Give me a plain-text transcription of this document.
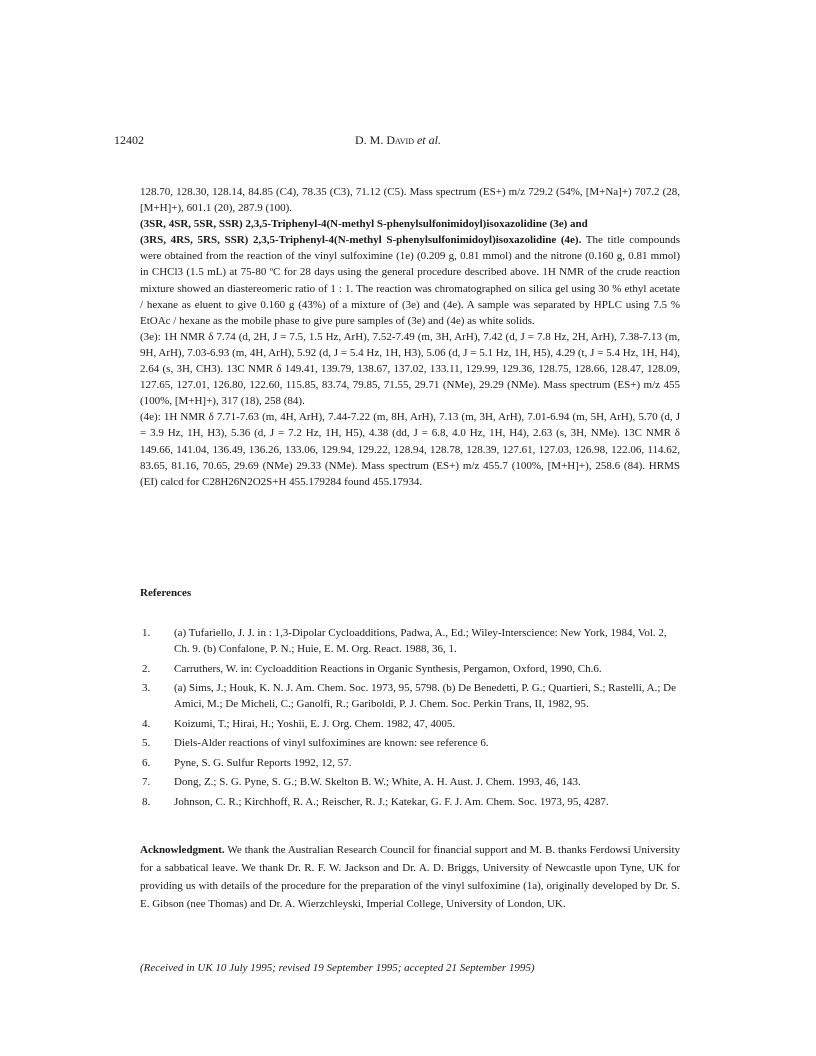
12402	D. M. David et al.

128.70, 128.30, 128.14, 84.85 (C4), 78.35 (C3), 71.12 (C5). Mass spectrum (ES+) m/z 729.2 (54%, [M+Na]+) 707.2 (28, [M+H]+), 601.1 (20), 287.9 (100).

(3SR, 4SR, 5SR, SSR) 2,3,5-Triphenyl-4(N-methyl S-phenylsulfonimidoyl)isoxazolidine (3e) and

(3RS, 4RS, 5RS, SSR) 2,3,5-Triphenyl-4(N-methyl S-phenylsulfonimidoyl)isoxazolidine (4e). The title compounds were obtained from the reaction of the vinyl sulfoximine (1e) (0.209 g, 0.81 mmol) and the nitrone (0.160 g, 0.81 mmol) in CHCl3 (1.5 mL) at 75-80 ºC for 28 days using the general procedure described above. 1H NMR of the crude reaction mixture showed an diastereomeric ratio of 1 : 1. The reaction was chromatographed on silica gel using 30 % ethyl acetate / hexane as eluent to give 0.160 g (43%) of a mixture of (3e) and (4e). A sample was separated by HPLC using 7.5 % EtOAc / hexane as the mobile phase to give pure samples of (3e) and (4e) as white solids.

(3e): 1H NMR δ 7.74 (d, 2H, J = 7.5, 1.5 Hz, ArH), 7.52-7.49 (m, 3H, ArH), 7.42 (d, J = 7.8 Hz, 2H, ArH), 7.38-7.13 (m, 9H, ArH), 7.03-6.93 (m, 4H, ArH), 5.92 (d, J = 5.4 Hz, 1H, H3), 5.06 (d, J = 5.1 Hz, 1H, H5), 4.29 (t, J = 5.4 Hz, 1H, H4), 2.64 (s, 3H, CH3). 13C NMR δ 149.41, 139.79, 138.67, 137.02, 133.11, 129.99, 129.36, 128.75, 128.66, 128.47, 128.09, 127.65, 127.01, 126.80, 122.60, 115.85, 83.74, 79.85, 71.55, 29.71 (NMe), 29.29 (NMe). Mass spectrum (ES+) m/z 455 (100%, [M+H]+), 317 (18), 258 (84).

(4e): 1H NMR δ 7.71-7.63 (m, 4H, ArH), 7.44-7.22 (m, 8H, ArH), 7.13 (m, 3H, ArH), 7.01-6.94 (m, 5H, ArH), 5.70 (d, J = 3.9 Hz, 1H, H3), 5.36 (d, J = 7.2 Hz, 1H, H5), 4.38 (dd, J = 6.8, 4.0 Hz, 1H, H4), 2.63 (s, 3H, NMe). 13C NMR δ 149.66, 141.04, 136.49, 136.26, 133.06, 129.94, 129.22, 128.94, 128.78, 128.39, 127.61, 127.03, 126.98, 122.06, 114.62, 83.65, 81.16, 70.65, 29.69 (NMe) 29.33 (NMe). Mass spectrum (ES+) m/z 455.7 (100%, [M+H]+), 258.6 (84). HRMS (EI) calcd for C28H26N2O2S+H 455.179284 found 455.17934.

References
1. (a) Tufariello, J. J. in : 1,3-Dipolar Cycloadditions, Padwa, A., Ed.; Wiley-Interscience: New York, 1984, Vol. 2, Ch. 9. (b) Confalone, P. N.; Huie, E. M. Org. React. 1988, 36, 1.
2. Carruthers, W. in: Cycloaddition Reactions in Organic Synthesis, Pergamon, Oxford, 1990, Ch.6.
3. (a) Sims, J.; Houk, K. N. J. Am. Chem. Soc. 1973, 95, 5798. (b) De Benedetti, P. G.; Quartieri, S.; Rastelli, A.; De Amici, M.; De Micheli, C.; Ganolfi, R.; Gariboldi, P. J. Chem. Soc. Perkin Trans, II, 1982, 95.
4. Koizumi, T.; Hirai, H.; Yoshii, E. J. Org. Chem. 1982, 47, 4005.
5. Diels-Alder reactions of vinyl sulfoximines are known: see reference 6.
6. Pyne, S. G. Sulfur Reports 1992, 12, 57.
7. Dong, Z.; S. G. Pyne, S. G.; B.W. Skelton B. W.; White, A. H. Aust. J. Chem. 1993, 46, 143.
8. Johnson, C. R.; Kirchhoff, R. A.; Reischer, R. J.; Katekar, G. F. J. Am. Chem. Soc. 1973, 95, 4287.

Acknowledgment. We thank the Australian Research Council for financial support and M. B. thanks Ferdowsi University for a sabbatical leave. We thank Dr. R. F. W. Jackson and Dr. A. D. Briggs, University of Newcastle upon Tyne, UK for providing us with details of the procedure for the preparation of the vinyl sulfoximine (1a), originally developed by Dr. S. E. Gibson (nee Thomas) and Dr. A. Wierzchleyski, Imperial College, University of London, UK.

(Received in UK 10 July 1995; revised 19 September 1995; accepted 21 September 1995)
